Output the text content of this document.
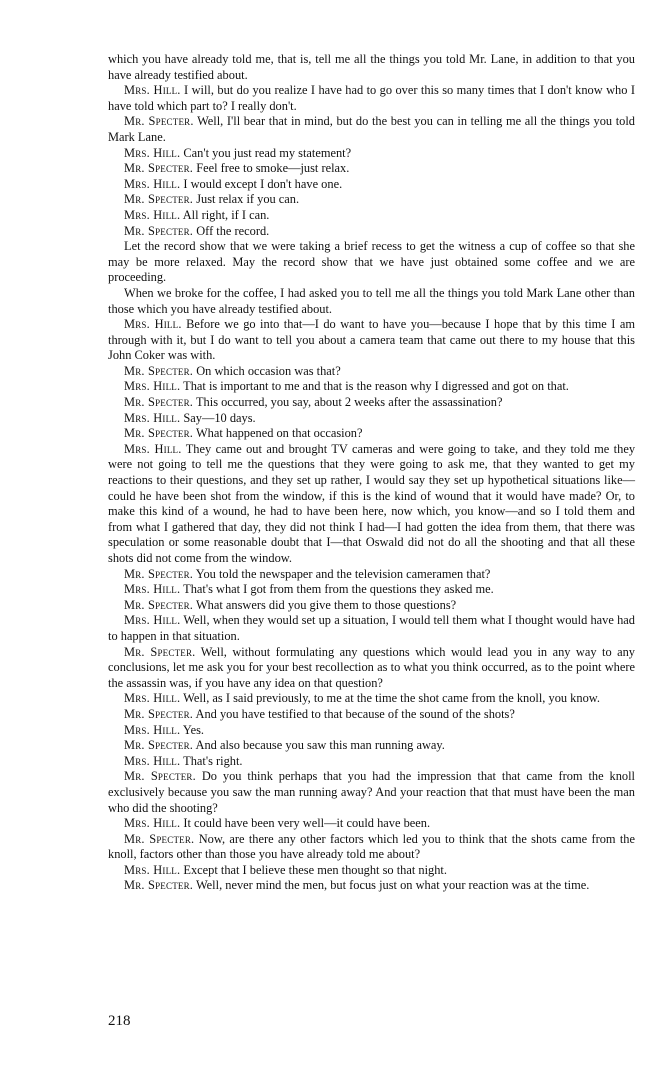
which you have already told me, that is, tell me all the things you told Mr. Lane, in addition to that you have already testified about.

Mrs. Hill. I will, but do you realize I have had to go over this so many times that I don't know who I have told which part to? I really don't.

Mr. Specter. Well, I'll bear that in mind, but do the best you can in telling me all the things you told Mark Lane.

Mrs. Hill. Can't you just read my statement?

Mr. Specter. Feel free to smoke—just relax.

Mrs. Hill. I would except I don't have one.

Mr. Specter. Just relax if you can.

Mrs. Hill. All right, if I can.

Mr. Specter. Off the record.

Let the record show that we were taking a brief recess to get the witness a cup of coffee so that she may be more relaxed. May the record show that we have just obtained some coffee and we are proceeding.

When we broke for the coffee, I had asked you to tell me all the things you told Mark Lane other than those which you have already testified about.

Mrs. Hill. Before we go into that—I do want to have you—because I hope that by this time I am through with it, but I do want to tell you about a camera team that came out there to my house that this John Coker was with.

Mr. Specter. On which occasion was that?

Mrs. Hill. That is important to me and that is the reason why I digressed and got on that.

Mr. Specter. This occurred, you say, about 2 weeks after the assassination?

Mrs. Hill. Say—10 days.

Mr. Specter. What happened on that occasion?

Mrs. Hill. They came out and brought TV cameras and were going to take, and they told me they were not going to tell me the questions that they were going to ask me, that they wanted to get my reactions to their questions, and they set up rather, I would say they set up hypothetical situations like—could he have been shot from the window, if this is the kind of wound that it would have made? Or, to make this kind of a wound, he had to have been here, now which, you know—and so I told them and from what I gathered that day, they did not think I had—I had gotten the idea from them, that there was speculation or some reasonable doubt that I—that Oswald did not do all the shooting and that all these shots did not come from the window.

Mr. Specter. You told the newspaper and the television cameramen that?

Mrs. Hill. That's what I got from them from the questions they asked me.

Mr. Specter. What answers did you give them to those questions?

Mrs. Hill. Well, when they would set up a situation, I would tell them what I thought would have had to happen in that situation.

Mr. Specter. Well, without formulating any questions which would lead you in any way to any conclusions, let me ask you for your best recollection as to what you think occurred, as to the point where the assassin was, if you have any idea on that question?

Mrs. Hill. Well, as I said previously, to me at the time the shot came from the knoll, you know.

Mr. Specter. And you have testified to that because of the sound of the shots?

Mrs. Hill. Yes.

Mr. Specter. And also because you saw this man running away.

Mrs. Hill. That's right.

Mr. Specter. Do you think perhaps that you had the impression that that came from the knoll exclusively because you saw the man running away? And your reaction that that must have been the man who did the shooting?

Mrs. Hill. It could have been very well—it could have been.

Mr. Specter. Now, are there any other factors which led you to think that the shots came from the knoll, factors other than those you have already told me about?

Mrs. Hill. Except that I believe these men thought so that night.

Mr. Specter. Well, never mind the men, but focus just on what your reaction was at the time.

218
